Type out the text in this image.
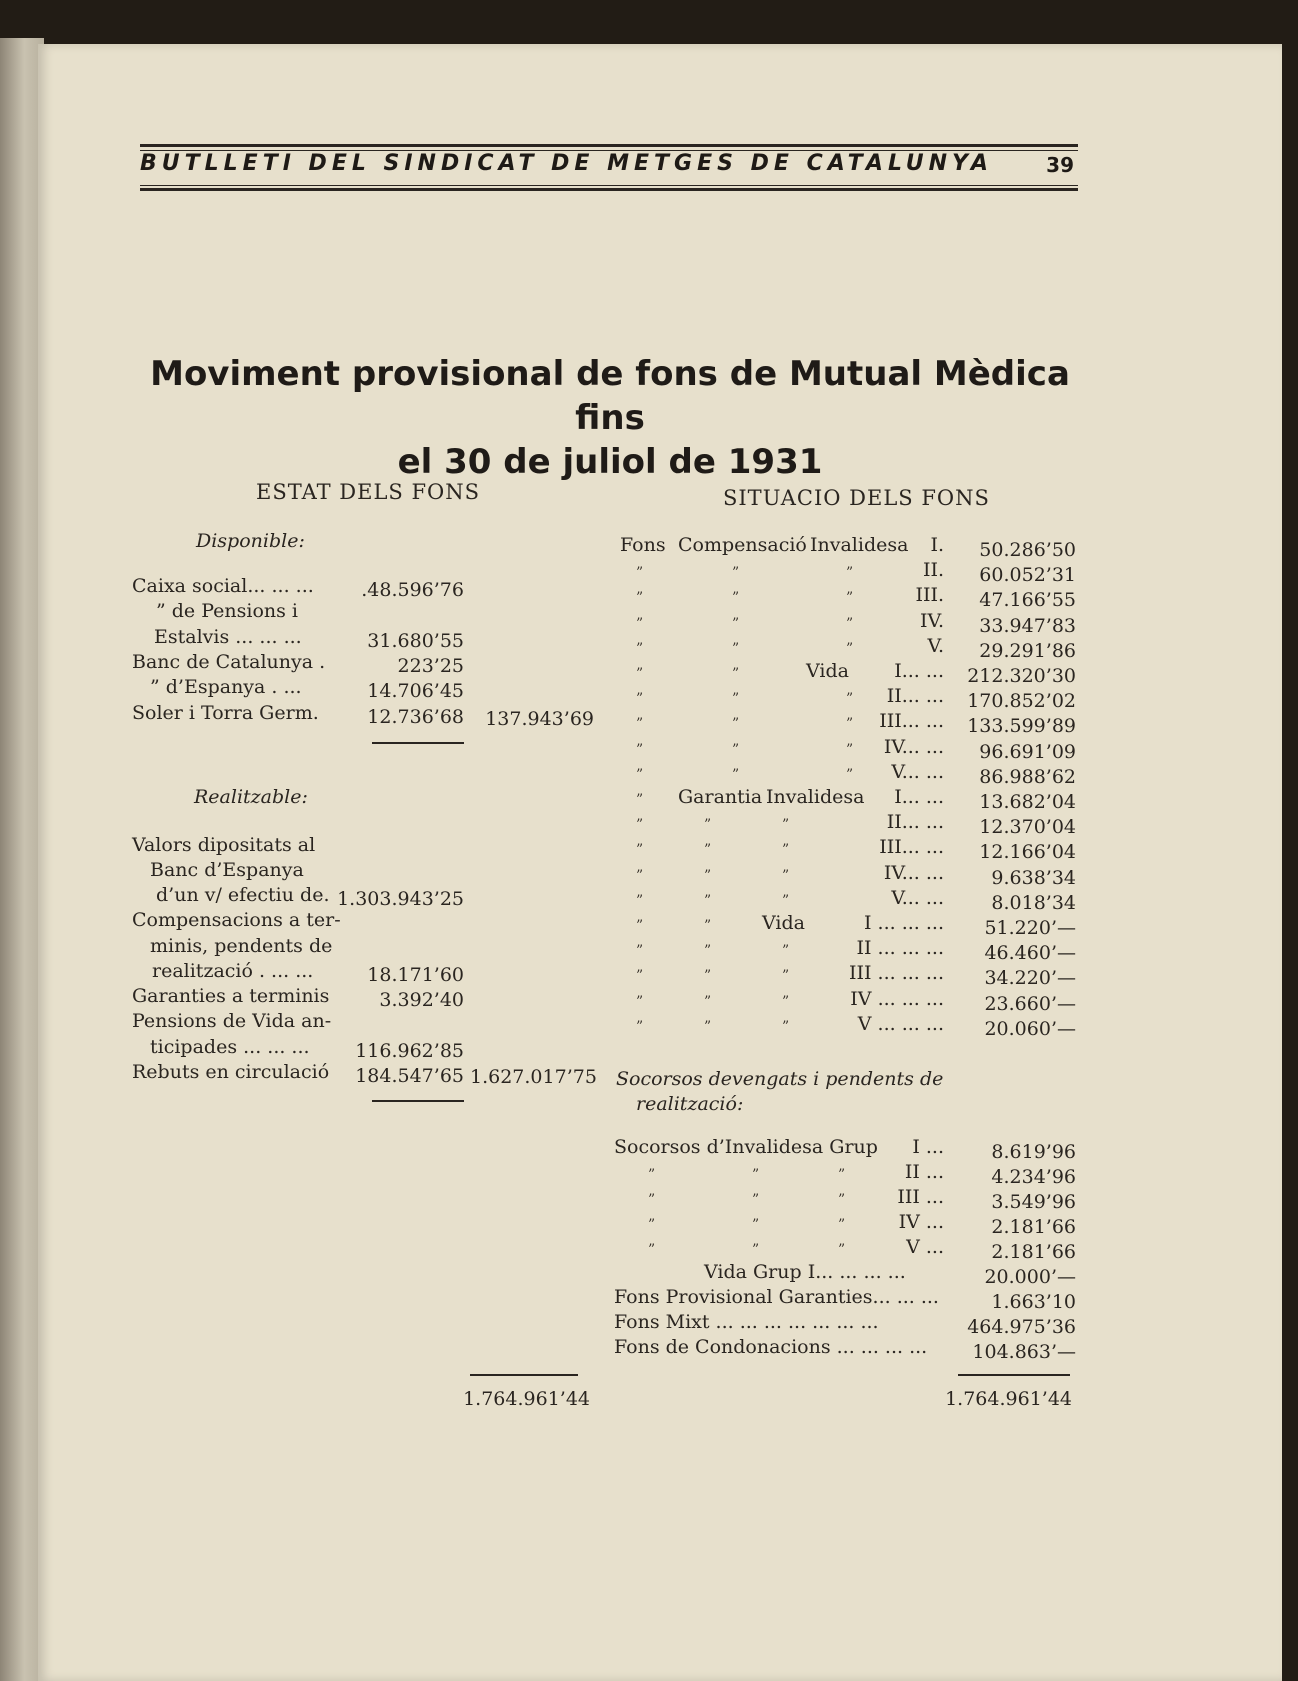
BUTLLETI DEL SINDICAT DE METGES DE CATALUNYA	39
Moviment provisional de fons de Mutual Mèdica fins
el 30 de juliol de 1931
ESTAT DELS FONS
Disponible:
Caixa social... ... ...	.48.596’76
” de Pensions i
Estalvis ... ... ...	31.680’55
Banc de Catalunya .	223’25
” d’Espanya . ...	14.706’45
Soler i Torra Germ.	12.736’68	137.943’69
Realitzable:
Valors dipositats al
Banc d’Espanya
d’un v/ efectiu de. 1.303.943’25
Compensacions a ter-
minis, pendents de
realització . ... ...	18.171’60
Garanties a terminis	3.392’40
Pensions de Vida an-
ticipades ... ... ...	116.962’85
Rebuts en circulació	184.547’65 1.627.017’75
1.764.961’44
SITUACIO DELS FONS
Fons Compensació Invalidesa	I.	50.286’50
”	”	”	II.	60.052’31
”	”	”	III.	47.166’55
”	”	”	IV.	33.947’83
”	”	”	V.	29.291’86
”	”	Vida	I... ...	212.320’30
”	”	”	II... ...	170.852’02
”	”	”	III... ...	133.599’89
”	”	”	IV... ...	96.691’09
”	”	”	V... ...	86.988’62
” Garantia Invalidesa	I... ...	13.682’04
”	”	”	II... ...	12.370’04
”	”	”	III... ...	12.166’04
”	”	”	IV... ...	9.638’34
”	”	”	V... ...	8.018’34
”	”	Vida	I ... ... ...	51.220’—
”	”	”	II ... ... ...	46.460’—
”	”	”	III ... ... ...	34.220’—
”	”	”	IV ... ... ...	23.660’—
”	”	”	V ... ... ...	20.060’—
Socorsos devengats i pendents de
realització:
Socorsos d’Invalidesa Grup	I ...	8.619’96
”	”	”	II ...	4.234’96
”	”	”	III ...	3.549’96
”	”	”	IV ...	2.181’66
”	”	”	V ...	2.181’66
Vida Grup I... ... ... ...	20.000’—
Fons Provisional Garanties... ... ...	1.663’10
Fons Mixt ... ... ... ... ... ... ...	464.975’36
Fons de Condonacions ... ... ... ...	104.863’—
1.764.961’44
